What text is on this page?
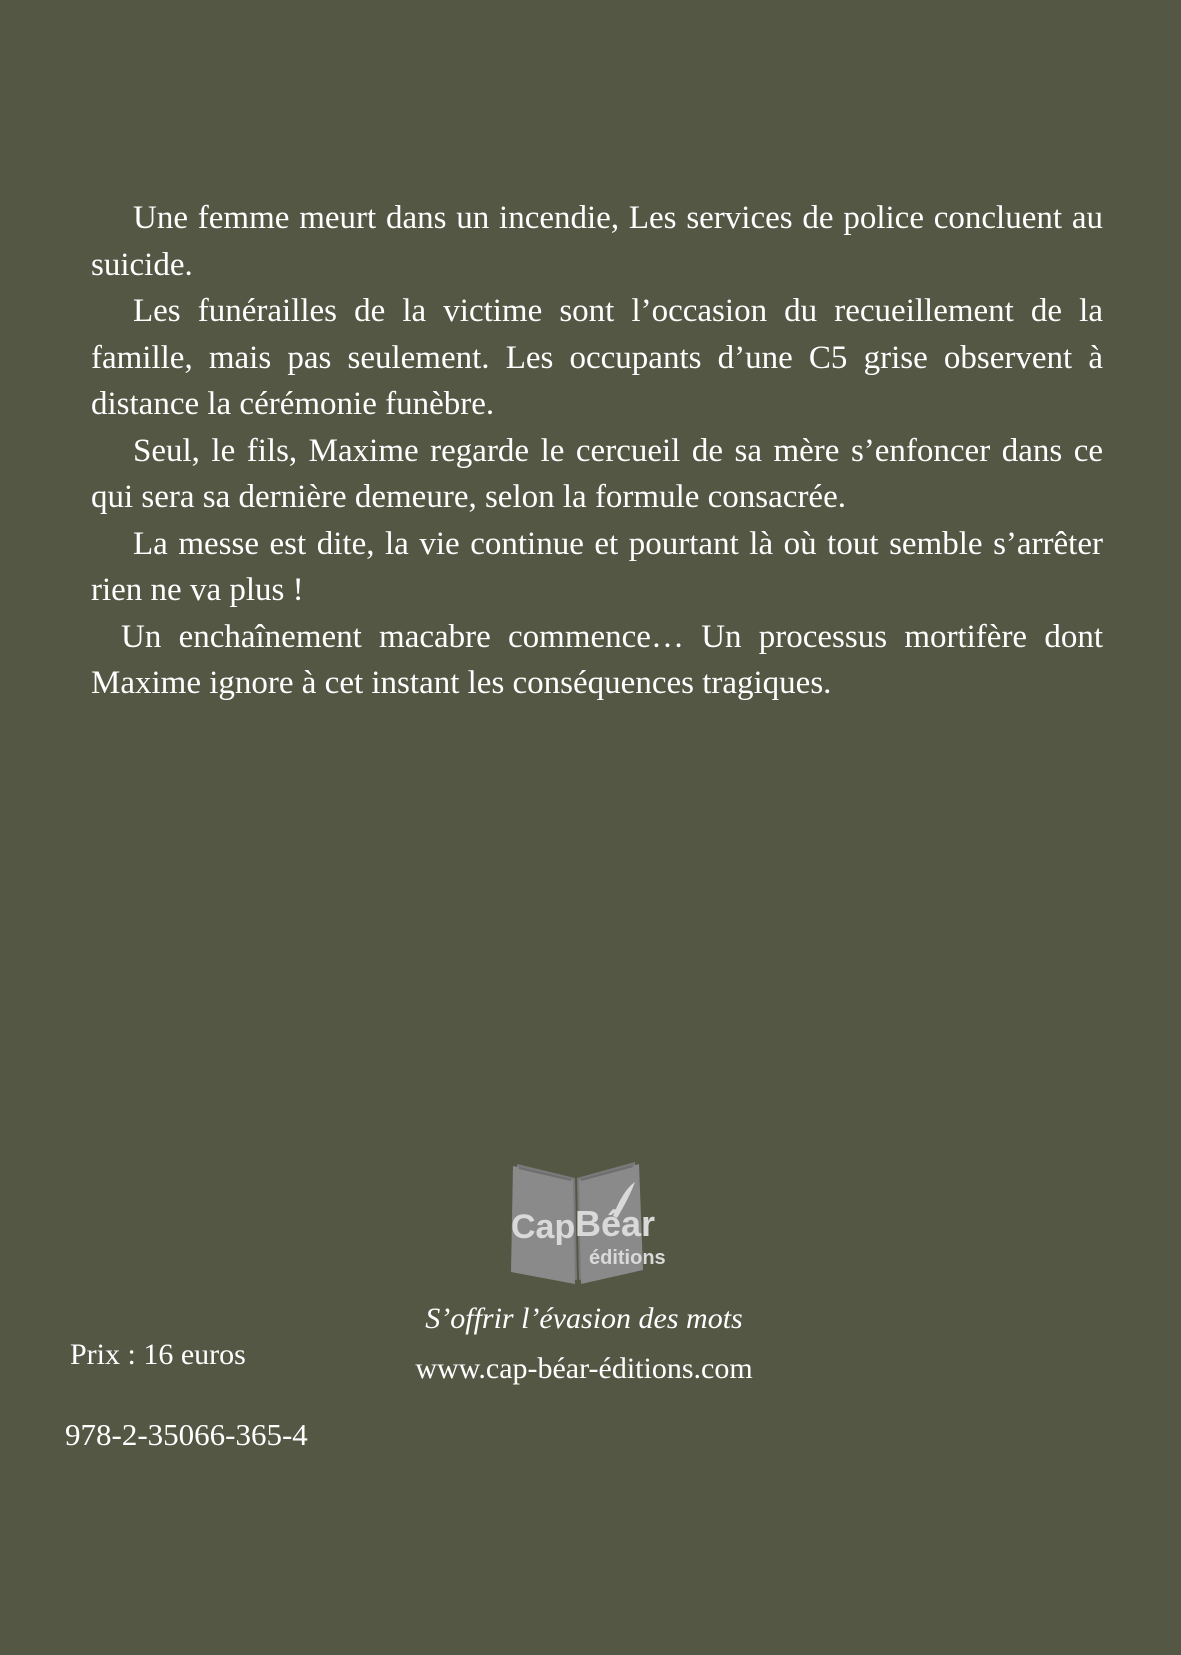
Une femme meurt dans un incendie, Les services de police concluent au suicide.

Les funérailles de la victime sont l’occasion du recueillement de la famille, mais pas seulement. Les occupants d’une C5 grise observent à distance la cérémonie funèbre.

Seul, le fils, Maxime regarde le cercueil de sa mère s’enfoncer dans ce qui sera sa dernière demeure, selon la formule consacrée.

La messe est dite, la vie continue et pourtant là où tout semble s’arrêter rien ne va plus !

Un enchaînement macabre commence… Un processus mortifère dont Maxime ignore à cet instant les conséquences tragiques.

Cap Béar
éditions
S’offrir l’évasion des mots
www.cap-béar-éditions.com
Prix : 16 euros
978-2-35066-365-4
